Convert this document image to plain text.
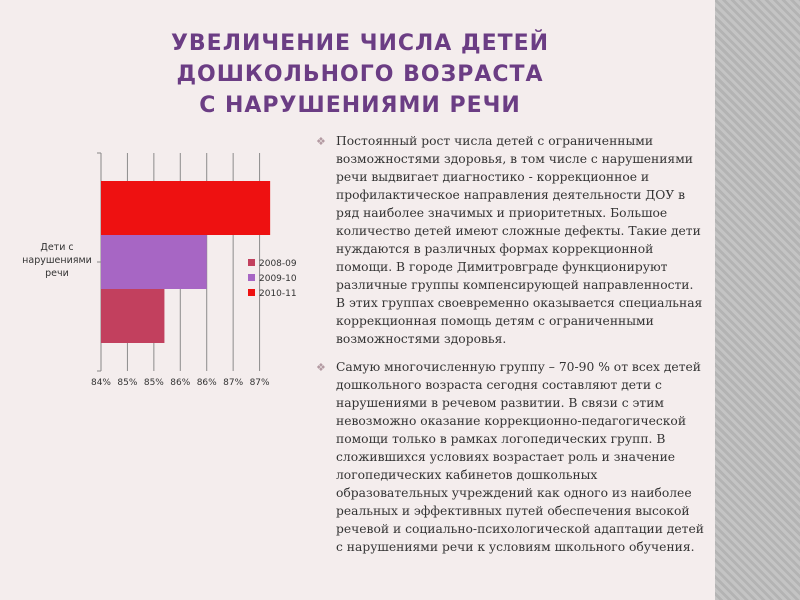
УВЕЛИЧЕНИЕ ЧИСЛА ДЕТЕЙ
ДОШКОЛЬНОГО ВОЗРАСТА
С НАРУШЕНИЯМИ РЕЧИ
84% 85% 85% 86% 86% 87% 87%
Дети с
нарушениями
речи
2008-09
2009-10
2010-11
❖ Постоянный рост числа детей с ограниченными возможностями здоровья, в том числе с нарушениями речи выдвигает диагностико - коррекционное и профилактическое направления деятельности ДОУ в ряд наиболее значимых и приоритетных. Большое количество детей имеют сложные дефекты. Такие дети нуждаются в различных формах коррекционной помощи. В городе Димитровграде функционируют различные группы компенсирующей направленности. В этих группах своевременно оказывается специальная коррекционная помощь детям с ограниченными возможностями здоровья.
❖ Самую многочисленную группу – 70-90 % от всех детей дошкольного возраста сегодня составляют дети с нарушениями в речевом развитии. В связи с этим невозможно оказание коррекционно-педагогической помощи только в рамках логопедических групп. В сложившихся условиях возрастает роль и значение логопедических кабинетов дошкольных образовательных учреждений как одного из наиболее реальных и эффективных путей обеспечения высокой речевой и социально-психологической адаптации детей с нарушениями речи к условиям школьного обучения.
